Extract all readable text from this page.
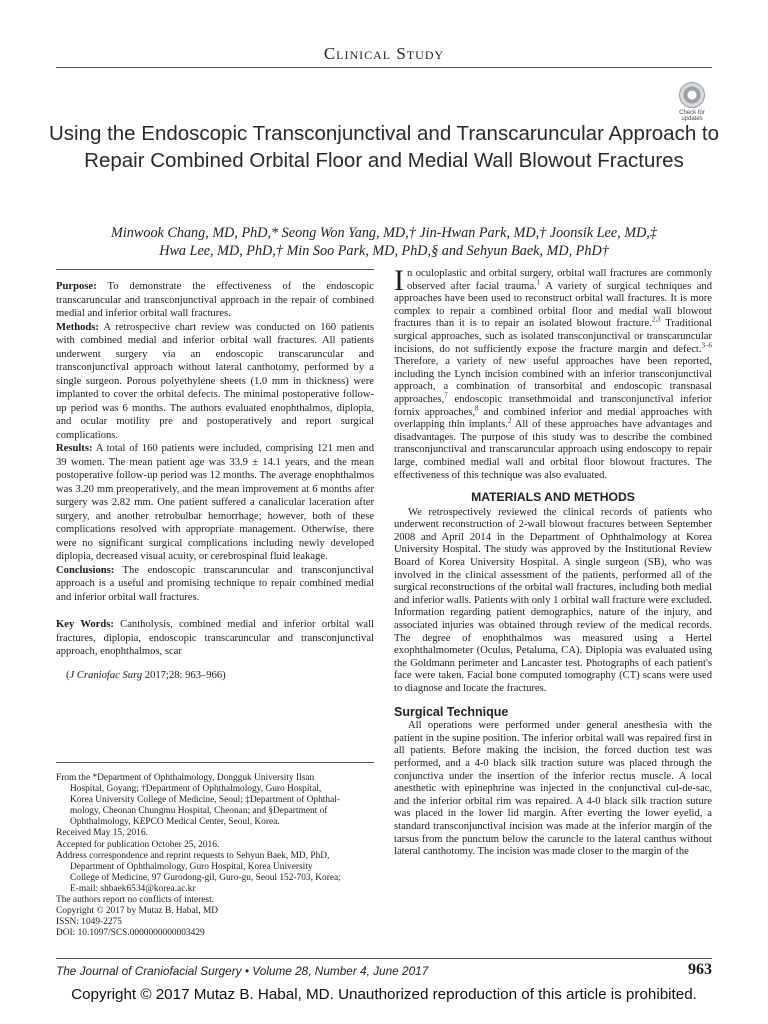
Clinical Study
Check for updates
Using the Endoscopic Transconjunctival and Transcaruncular Approach to Repair Combined Orbital Floor and Medial Wall Blowout Fractures
Minwook Chang, MD, PhD,* Seong Won Yang, MD,† Jin-Hwan Park, MD,† Joonsik Lee, MD,‡
Hwa Lee, MD, PhD,† Min Soo Park, MD, PhD,§ and Sehyun Baek, MD, PhD†

Purpose: To demonstrate the effectiveness of the endoscopic transcaruncular and transconjunctival approach in the repair of combined medial and inferior orbital wall fractures.

Methods: A retrospective chart review was conducted on 160 patients with combined medial and inferior orbital wall fractures. All patients underwent surgery via an endoscopic transcaruncular and transconjunctival approach without lateral canthotomy, performed by a single surgeon. Porous polyethylene sheets (1.0 mm in thickness) were implanted to cover the orbital defects. The minimal postoperative follow-up period was 6 months. The authors evaluated enophthalmos, diplopia, and ocular motility pre and postoperatively and report surgical complications.

Results: A total of 160 patients were included, comprising 121 men and 39 women. The mean patient age was 33.9 ± 14.1 years, and the mean postoperative follow-up period was 12 months. The average enophthalmos was 3.20 mm preoperatively, and the mean improvement at 6 months after surgery was 2.82 mm. One patient suffered a canalicular laceration after surgery, and another retrobulbar hemorrhage; however, both of these complications resolved with appropriate management. Otherwise, there were no significant surgical complications including newly developed diplopia, decreased visual acuity, or cerebrospinal fluid leakage.

Conclusions: The endoscopic transcaruncular and transconjunctival approach is a useful and promising technique to repair combined medial and inferior orbital wall fractures.

Key Words: Cantholysis, combined medial and inferior orbital wall fractures, diplopia, endoscopic transcaruncular and transconjunctival approach, enophthalmos, scar

(J Craniofac Surg 2017;28: 963–966)

From the *Department of Ophthalmology, Dongguk University Ilsan

Hospital, Goyang; †Department of Ophthalmology, Guro Hospital,

Korea University College of Medicine, Seoul; ‡Department of Ophthal-

mology, Cheonan Chungmu Hospital, Cheonan; and §Department of

Ophthalmology, KEPCO Medical Center, Seoul, Korea.

Received May 15, 2016.

Accepted for publication October 25, 2016.

Address correspondence and reprint requests to Sehyun Baek, MD, PhD,

Department of Ophthalmology, Guro Hospital, Korea University

College of Medicine, 97 Gurodong-gil, Guro-gu, Seoul 152-703, Korea;

E-mail: shbaek6534@korea.ac.kr

The authors report no conflicts of interest.

Copyright © 2017 by Mutaz B. Habal, MD

ISSN: 1049-2275

DOI: 10.1097/SCS.0000000000003429

In oculoplastic and orbital surgery, orbital wall fractures are commonly observed after facial trauma.$^1$ A variety of surgical techniques and approaches have been used to reconstruct orbital wall fractures. It is more complex to repair a combined orbital floor and medial wall blowout fractures than it is to repair an isolated blowout fracture.$^{2,3}$ Traditional surgical approaches, such as isolated transconjunctival or transcaruncular incisions, do not sufficiently expose the fracture margin and defect.$^{3-6}$ Therefore, a variety of new useful approaches have been reported, including the Lynch incision combined with an inferior transconjunctival approach, a combination of transorbital and endoscopic transnasal approaches,$^7$ endoscopic transethmoidal and transconjunctival inferior fornix approaches,$^8$ and combined inferior and medial approaches with overlapping thin implants.$^2$ All of these approaches have advantages and disadvantages. The purpose of this study was to describe the combined transconjunctival and transcaruncular approach using endoscopy to repair large, combined medial wall and orbital floor blowout fractures. The effectiveness of this technique was also evaluated.

MATERIALS AND METHODS

We retrospectively reviewed the clinical records of patients who underwent reconstruction of 2-wall blowout fractures between September 2008 and April 2014 in the Department of Ophthalmology at Korea University Hospital. The study was approved by the Institutional Review Board of Korea University Hospital. A single surgeon (SB), who was involved in the clinical assessment of the patients, performed all of the surgical reconstructions of the orbital wall fractures, including both medial and inferior walls. Patients with only 1 orbital wall fracture were excluded. Information regarding patient demographics, nature of the injury, and associated injuries was obtained through review of the medical records. The degree of enophthalmos was measured using a Hertel exophthalmometer (Oculus, Petaluma, CA). Diplopia was evaluated using the Goldmann perimeter and Lancaster test. Photographs of each patient's face were taken. Facial bone computed tomography (CT) scans were used to diagnose and locate the fractures.

Surgical Technique

All operations were performed under general anesthesia with the patient in the supine position. The inferior orbital wall was repaired first in all patients. Before making the incision, the forced duction test was performed, and a 4-0 black silk traction suture was placed through the conjunctiva under the insertion of the inferior rectus muscle. A local anesthetic with epinephrine was injected in the conjunctival cul-de-sac, and the inferior orbital rim was repaired. A 4-0 black silk traction suture was placed in the lower lid margin. After everting the lower eyelid, a standard transconjunctival incision was made at the inferior margin of the tarsus from the punctum below the caruncle to the lateral canthus without lateral canthotomy. The incision was made closer to the margin of the

The Journal of Craniofacial Surgery • Volume 28, Number 4, June 2017	963
Copyright © 2017 Mutaz B. Habal, MD. Unauthorized reproduction of this article is prohibited.
